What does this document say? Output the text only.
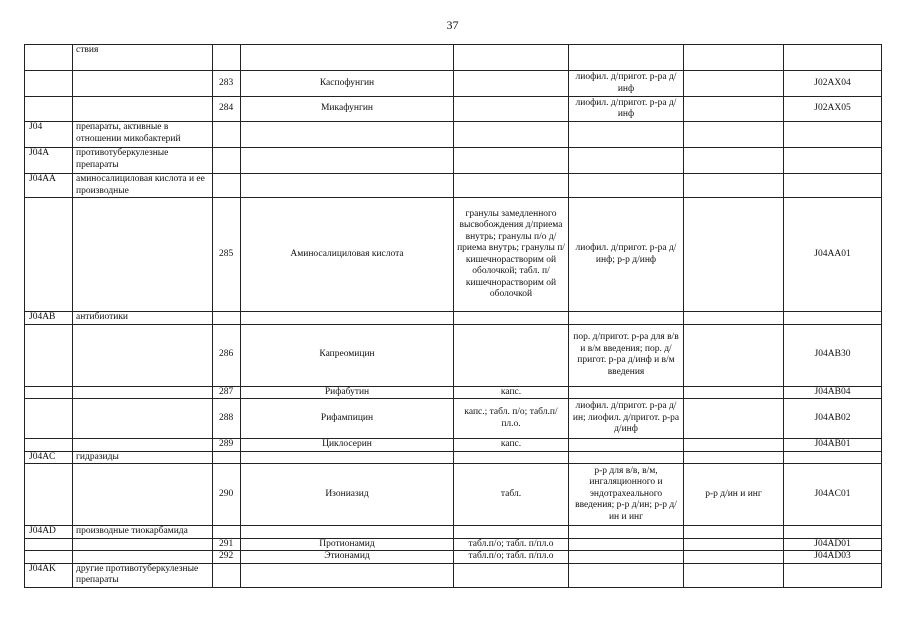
37
	ствия						
		283	Каспофунгин		лиофил. д/пригот. р-ра д/инф		J02AX04
		284	Микафунгин		лиофил. д/пригот. р-ра д/инф		J02AX05
J04	препараты, активные в отношении микобактерий						
J04A	противотуберкулезные препараты						
J04AA	аминосалициловая кислота и ее производные						
		285	Аминосалициловая кислота	гранулы замедленного высвобождения д/приема внутрь; гранулы п/о д/приема внутрь; гранулы п/кишечнорастворим ой оболочкой; табл. п/кишечнорастворим ой оболочкой	лиофил. д/пригот. р-ра д/инф; р-р д/инф		J04AA01
J04AB	антибиотики						
		286	Капреомицин		пор. д/пригот. р-ра для в/в и в/м введения; пор. д/пригот. р-ра д/инф и в/м введения		J04AB30
		287	Рифабутин	капс.			J04AB04
		288	Рифампицин	капс.; табл. п/о; табл.п/пл.о.	лиофил. д/пригот. р-ра д/ин; лиофил. д/пригот. р-ра д/инф		J04AB02
		289	Циклосерин	капс.			J04AB01
J04AC	гидразиды						
		290	Изониазид	табл.	р-р для в/в, в/м, ингаляционного и эндотрахеального введения; р-р д/ин; р-р д/ин и инг	р-р д/ин и инг	J04AC01
J04AD	производные тиокарбамида						
		291	Протионамид	табл.п/о; табл. п/пл.о			J04AD01
		292	Этионамид	табл.п/о; табл. п/пл.о			J04AD03
J04AK	другие противотуберкулезные препараты						
